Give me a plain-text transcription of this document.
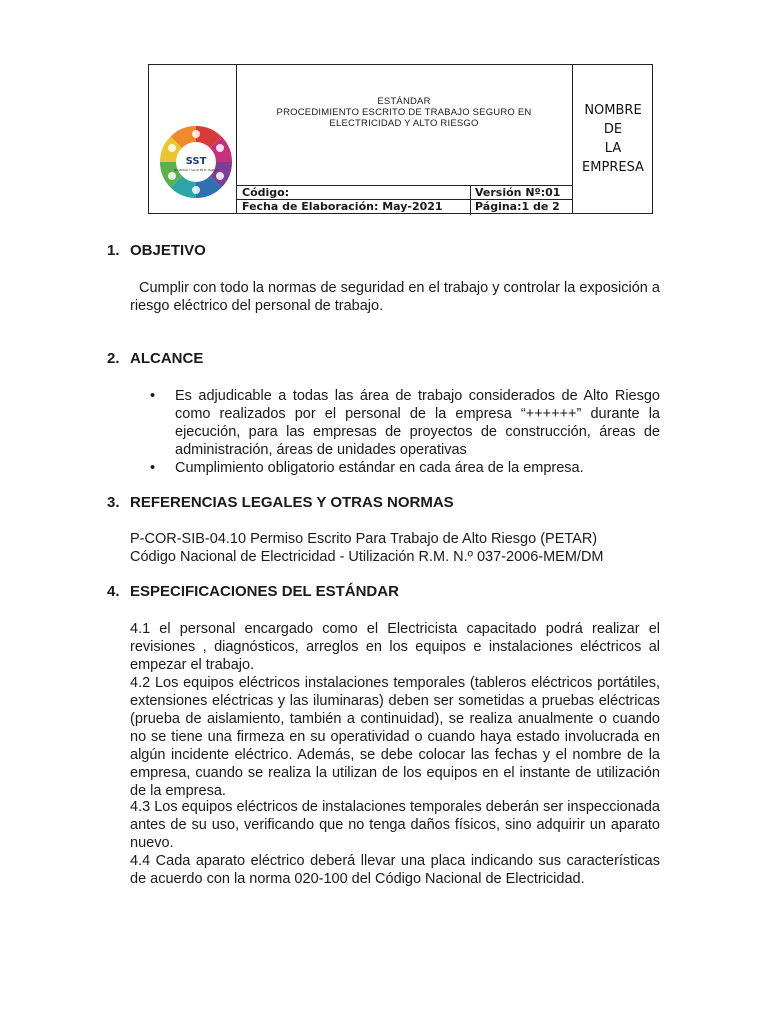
SST
SEGURIDAD Y SALUD EN EL TRABAJO
ESTÁNDAR
PROCEDIMIENTO ESCRITO DE TRABAJO SEGURO EN ELECTRICIDAD Y ALTO RIESGO
Código:	Versión Nº:01
Fecha de Elaboración: May-2021	Página:1 de 2
NOMBRE
DE
LA
EMPRESA
1. OBJETIVO
Cumplir con todo la normas de seguridad en el trabajo y controlar la exposición a riesgo eléctrico del personal de trabajo.
2. ALCANCE
• Es adjudicable a todas las área de trabajo considerados de Alto Riesgo como realizados por el personal de la empresa “++++++” durante la ejecución, para las empresas de proyectos de construcción, áreas de administración, áreas de unidades operativas
• Cumplimiento obligatorio estándar en cada área de la empresa.
3. REFERENCIAS LEGALES Y OTRAS NORMAS
P-COR-SIB-04.10 Permiso Escrito Para Trabajo de Alto Riesgo (PETAR)
Código Nacional de Electricidad - Utilización R.M. N.º 037-2006-MEM/DM
4. ESPECIFICACIONES DEL ESTÁNDAR
4.1 el personal encargado como el Electricista capacitado podrá realizar el revisiones , diagnósticos, arreglos en los equipos e instalaciones eléctricos al empezar el trabajo.
4.2 Los equipos eléctricos instalaciones temporales (tableros eléctricos portátiles, extensiones eléctricas y las iluminaras) deben ser sometidas a pruebas eléctricas (prueba de aislamiento, también a continuidad), se realiza anualmente o cuando no se tiene una firmeza en su operatividad o cuando haya estado involucrada en algún incidente eléctrico. Además, se debe colocar las fechas y el nombre de la empresa, cuando se realiza la utilizan de los equipos en el instante de utilización de la empresa.
4.3 Los equipos eléctricos de instalaciones temporales deberán ser inspeccionada antes de su uso, verificando que no tenga daños físicos, sino adquirir un aparato nuevo.
4.4 Cada aparato eléctrico deberá llevar una placa indicando sus características de acuerdo con la norma 020-100 del Código Nacional de Electricidad.
